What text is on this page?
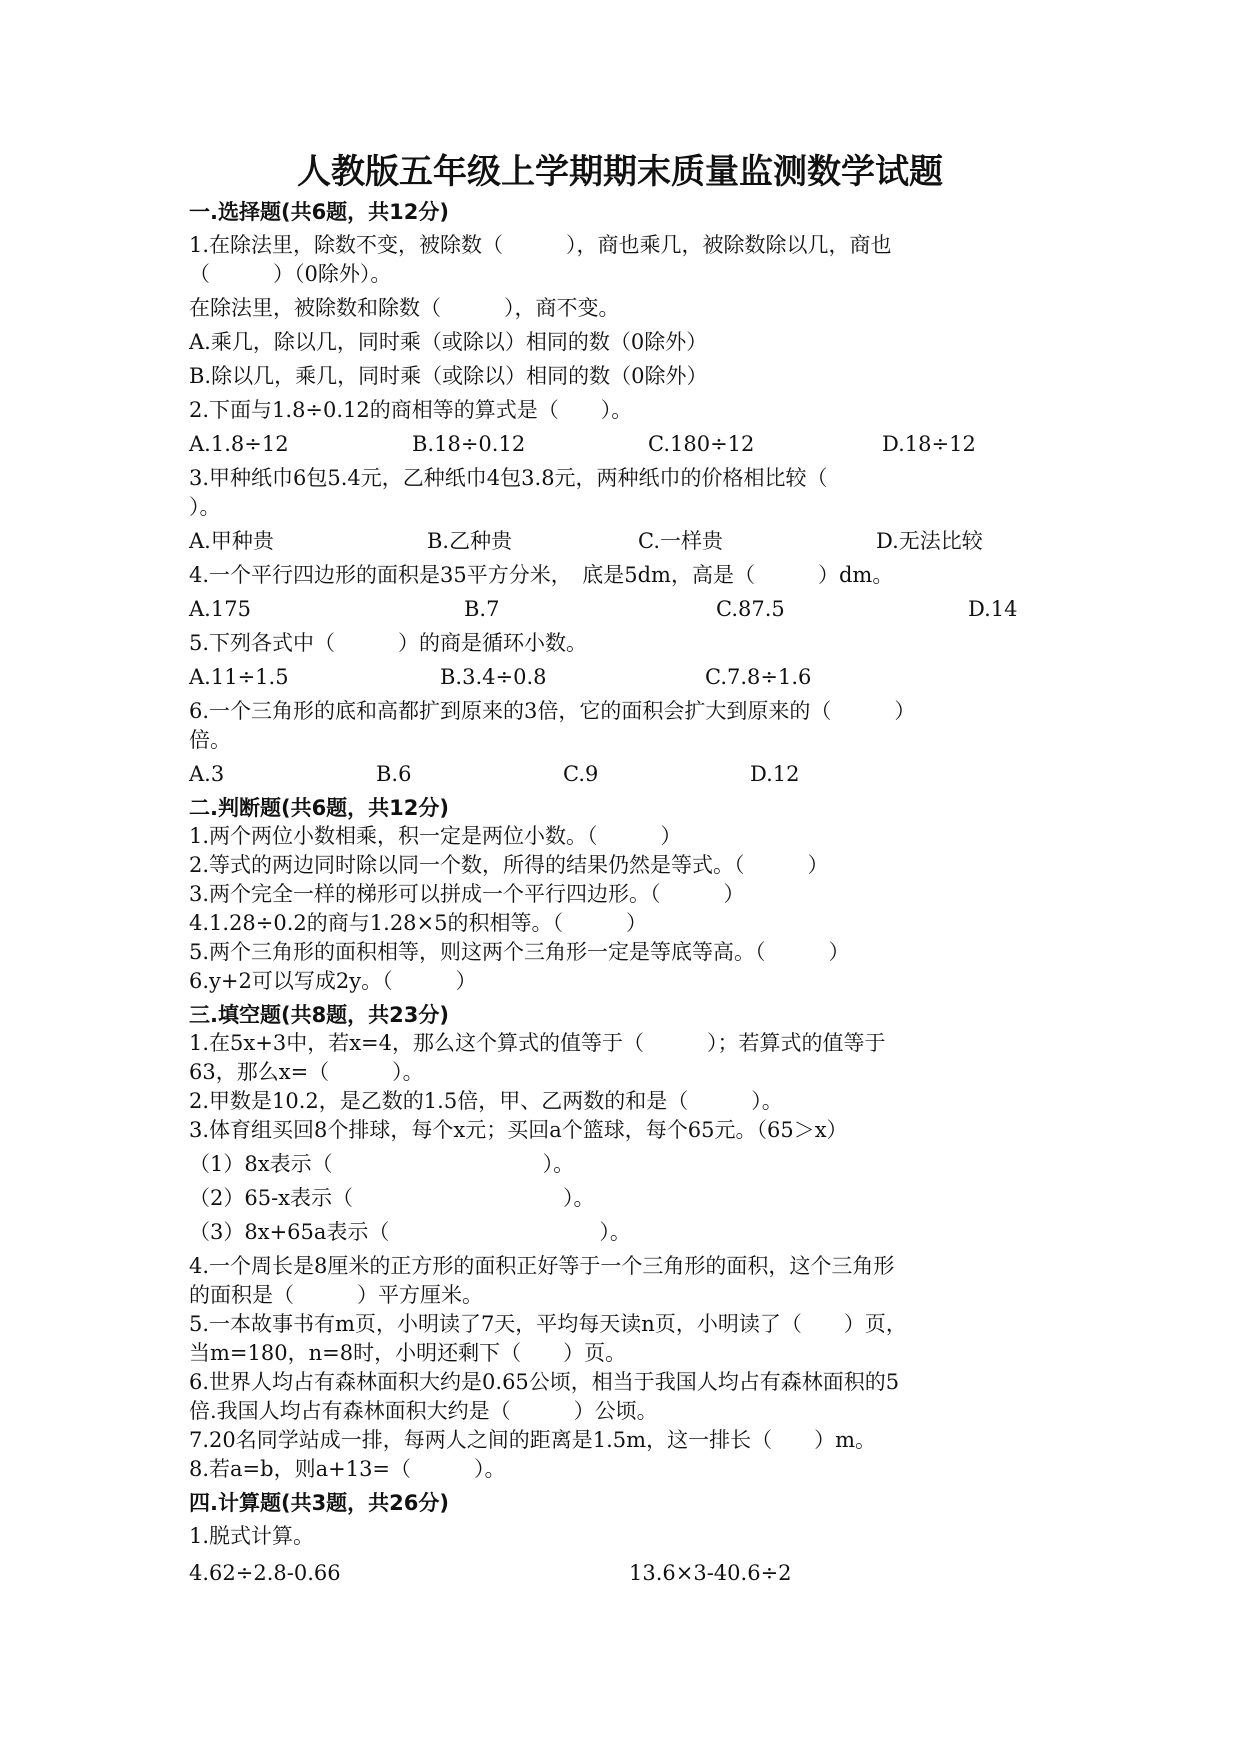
人教版五年级上学期期末质量监测数学试题
一.选择题(共6题，共12分)
1.在除法里，除数不变，被除数（　　　），商也乘几，被除数除以几，商也
（　　　）（0除外）。
在除法里，被除数和除数（　　　），商不变。
A.乘几，除以几，同时乘（或除以）相同的数（0除外）
B.除以几，乘几，同时乘（或除以）相同的数（0除外）
2.下面与1.8÷0.12的商相等的算式是（　　）。
A.1.8÷12	B.18÷0.12	C.180÷12	D.18÷12
3.甲种纸巾6包5.4元，乙种纸巾4包3.8元，两种纸巾的价格相比较（
）。
A.甲种贵	B.乙种贵	C.一样贵	D.无法比较
4.一个平行四边形的面积是35平方分米，　底是5dm，高是（　　　）dm。
A.175	B.7	C.87.5	D.14
5.下列各式中（　　　）的商是循环小数。
A.11÷1.5	B.3.4÷0.8	C.7.8÷1.6
6.一个三角形的底和高都扩到原来的3倍，它的面积会扩大到原来的（　　　）
倍。
A.3	B.6	C.9	D.12
二.判断题(共6题，共12分)
1.两个两位小数相乘，积一定是两位小数。（　　　）
2.等式的两边同时除以同一个数，所得的结果仍然是等式。（　　　）
3.两个完全一样的梯形可以拼成一个平行四边形。（　　　）
4.1.28÷0.2的商与1.28×5的积相等。（　　　）
5.两个三角形的面积相等，则这两个三角形一定是等底等高。（　　　）
6.y+2可以写成2y。（　　　）
三.填空题(共8题，共23分)
1.在5x+3中，若x=4，那么这个算式的值等于（　　　）；若算式的值等于
63，那么x=（　　　）。
2.甲数是10.2，是乙数的1.5倍，甲、乙两数的和是（　　　）。
3.体育组买回8个排球，每个x元；买回a个篮球，每个65元。（65＞x）
（1）8x表示（　　　　　　　　　　）。
（2）65-x表示（　　　　　　　　　　）。
（3）8x+65a表示（　　　　　　　　　　）。
4.一个周长是8厘米的正方形的面积正好等于一个三角形的面积，这个三角形
的面积是（　　　）平方厘米。
5.一本故事书有m页，小明读了7天，平均每天读n页，小明读了（　　）页，
当m=180，n=8时，小明还剩下（　　）页。
6.世界人均占有森林面积大约是0.65公顷，相当于我国人均占有森林面积的5
倍.我国人均占有森林面积大约是（　　　）公顷。
7.20名同学站成一排，每两人之间的距离是1.5m，这一排长（　　）m。
8.若a=b，则a+13=（　　　）。
四.计算题(共3题，共26分)
1.脱式计算。
4.62÷2.8-0.66	13.6×3-40.6÷2
